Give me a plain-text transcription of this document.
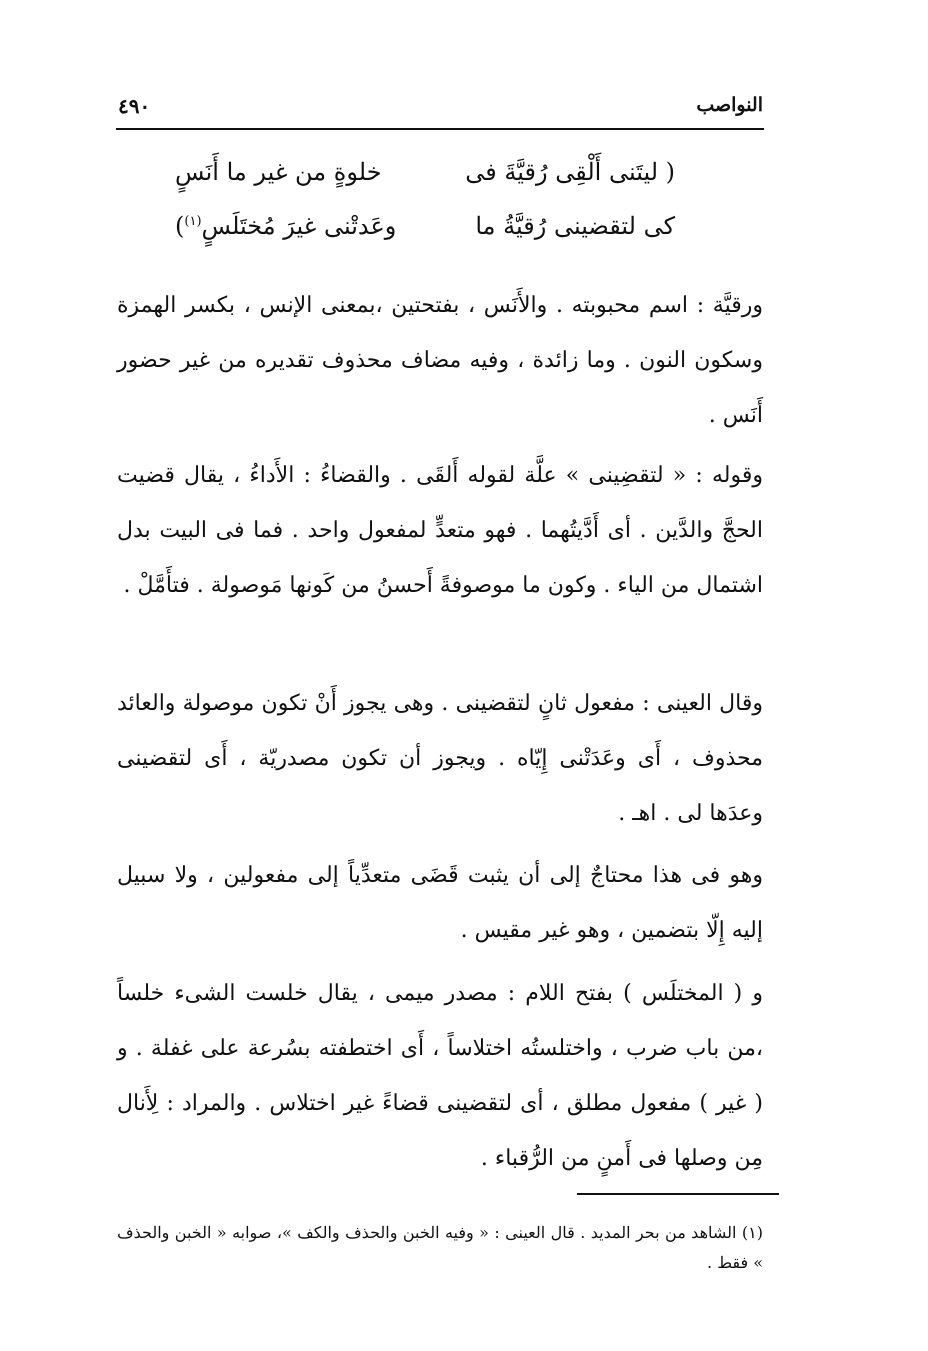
النواصب
٤٩٠
( ليتَنى أَلْقِى رُقيَّةَ فى
خلوةٍ من غير ما أَنَسٍ
كى لتقضينى رُقيَّةُ ما
وعَدتْنى غيرَ مُختَلَسٍ$^{(١)}$)

ورقيَّة : اسم محبوبته . والأَنَس ، بفتحتين ،بمعنى الإنس ، بكسر الهمزة وسكون النون . وما زائدة ، وفيه مضاف محذوف تقديره من غير حضور أَنَس .

وقوله : « لتقضِينى » علَّة لقوله أَلقَى . والقضاءُ : الأَداءُ ، يقال قضيت الحجَّ والدَّين . أى أَدَّيتُهما . فهو متعدٍّ لمفعول واحد . فما فى البيت بدل اشتمال من الياء . وكون ما موصوفةً أَحسنُ من كَونها مَوصولة . فتأَمَّلْ .

وقال العينى : مفعول ثانٍ لتقضينى . وهى يجوز أَنْ تكون موصولة والعائد محذوف ، أَى وعَدَتْنى إِيّاه . ويجوز أن تكون مصدريّة ، أَى لتقضينى وعدَها لى . اهـ .

وهو فى هذا محتاجٌ إلى أن يثبت قَضَى متعدِّياً إلى مفعولين ، ولا سبيل إليه إِلّا بتضمين ، وهو غير مقيس .

و ( المختلَس ) بفتح اللام : مصدر ميمى ، يقال خلست الشىء خلساً ،من باب ضرب ، واختلستُه اختلاساً ، أَى اختطفته بسُرعة على غفلة . و ( غير ) مفعول مطلق ، أى لتقضينى قضاءً غير اختلاس . والمراد : لِأَنال مِن وصلها فى أَمنٍ من الرُّقباء .

(١) الشاهد من بحر المديد . قال العينى : « وفيه الخبن والحذف والكف »، صوابه « الخبن والحذف » فقط .
